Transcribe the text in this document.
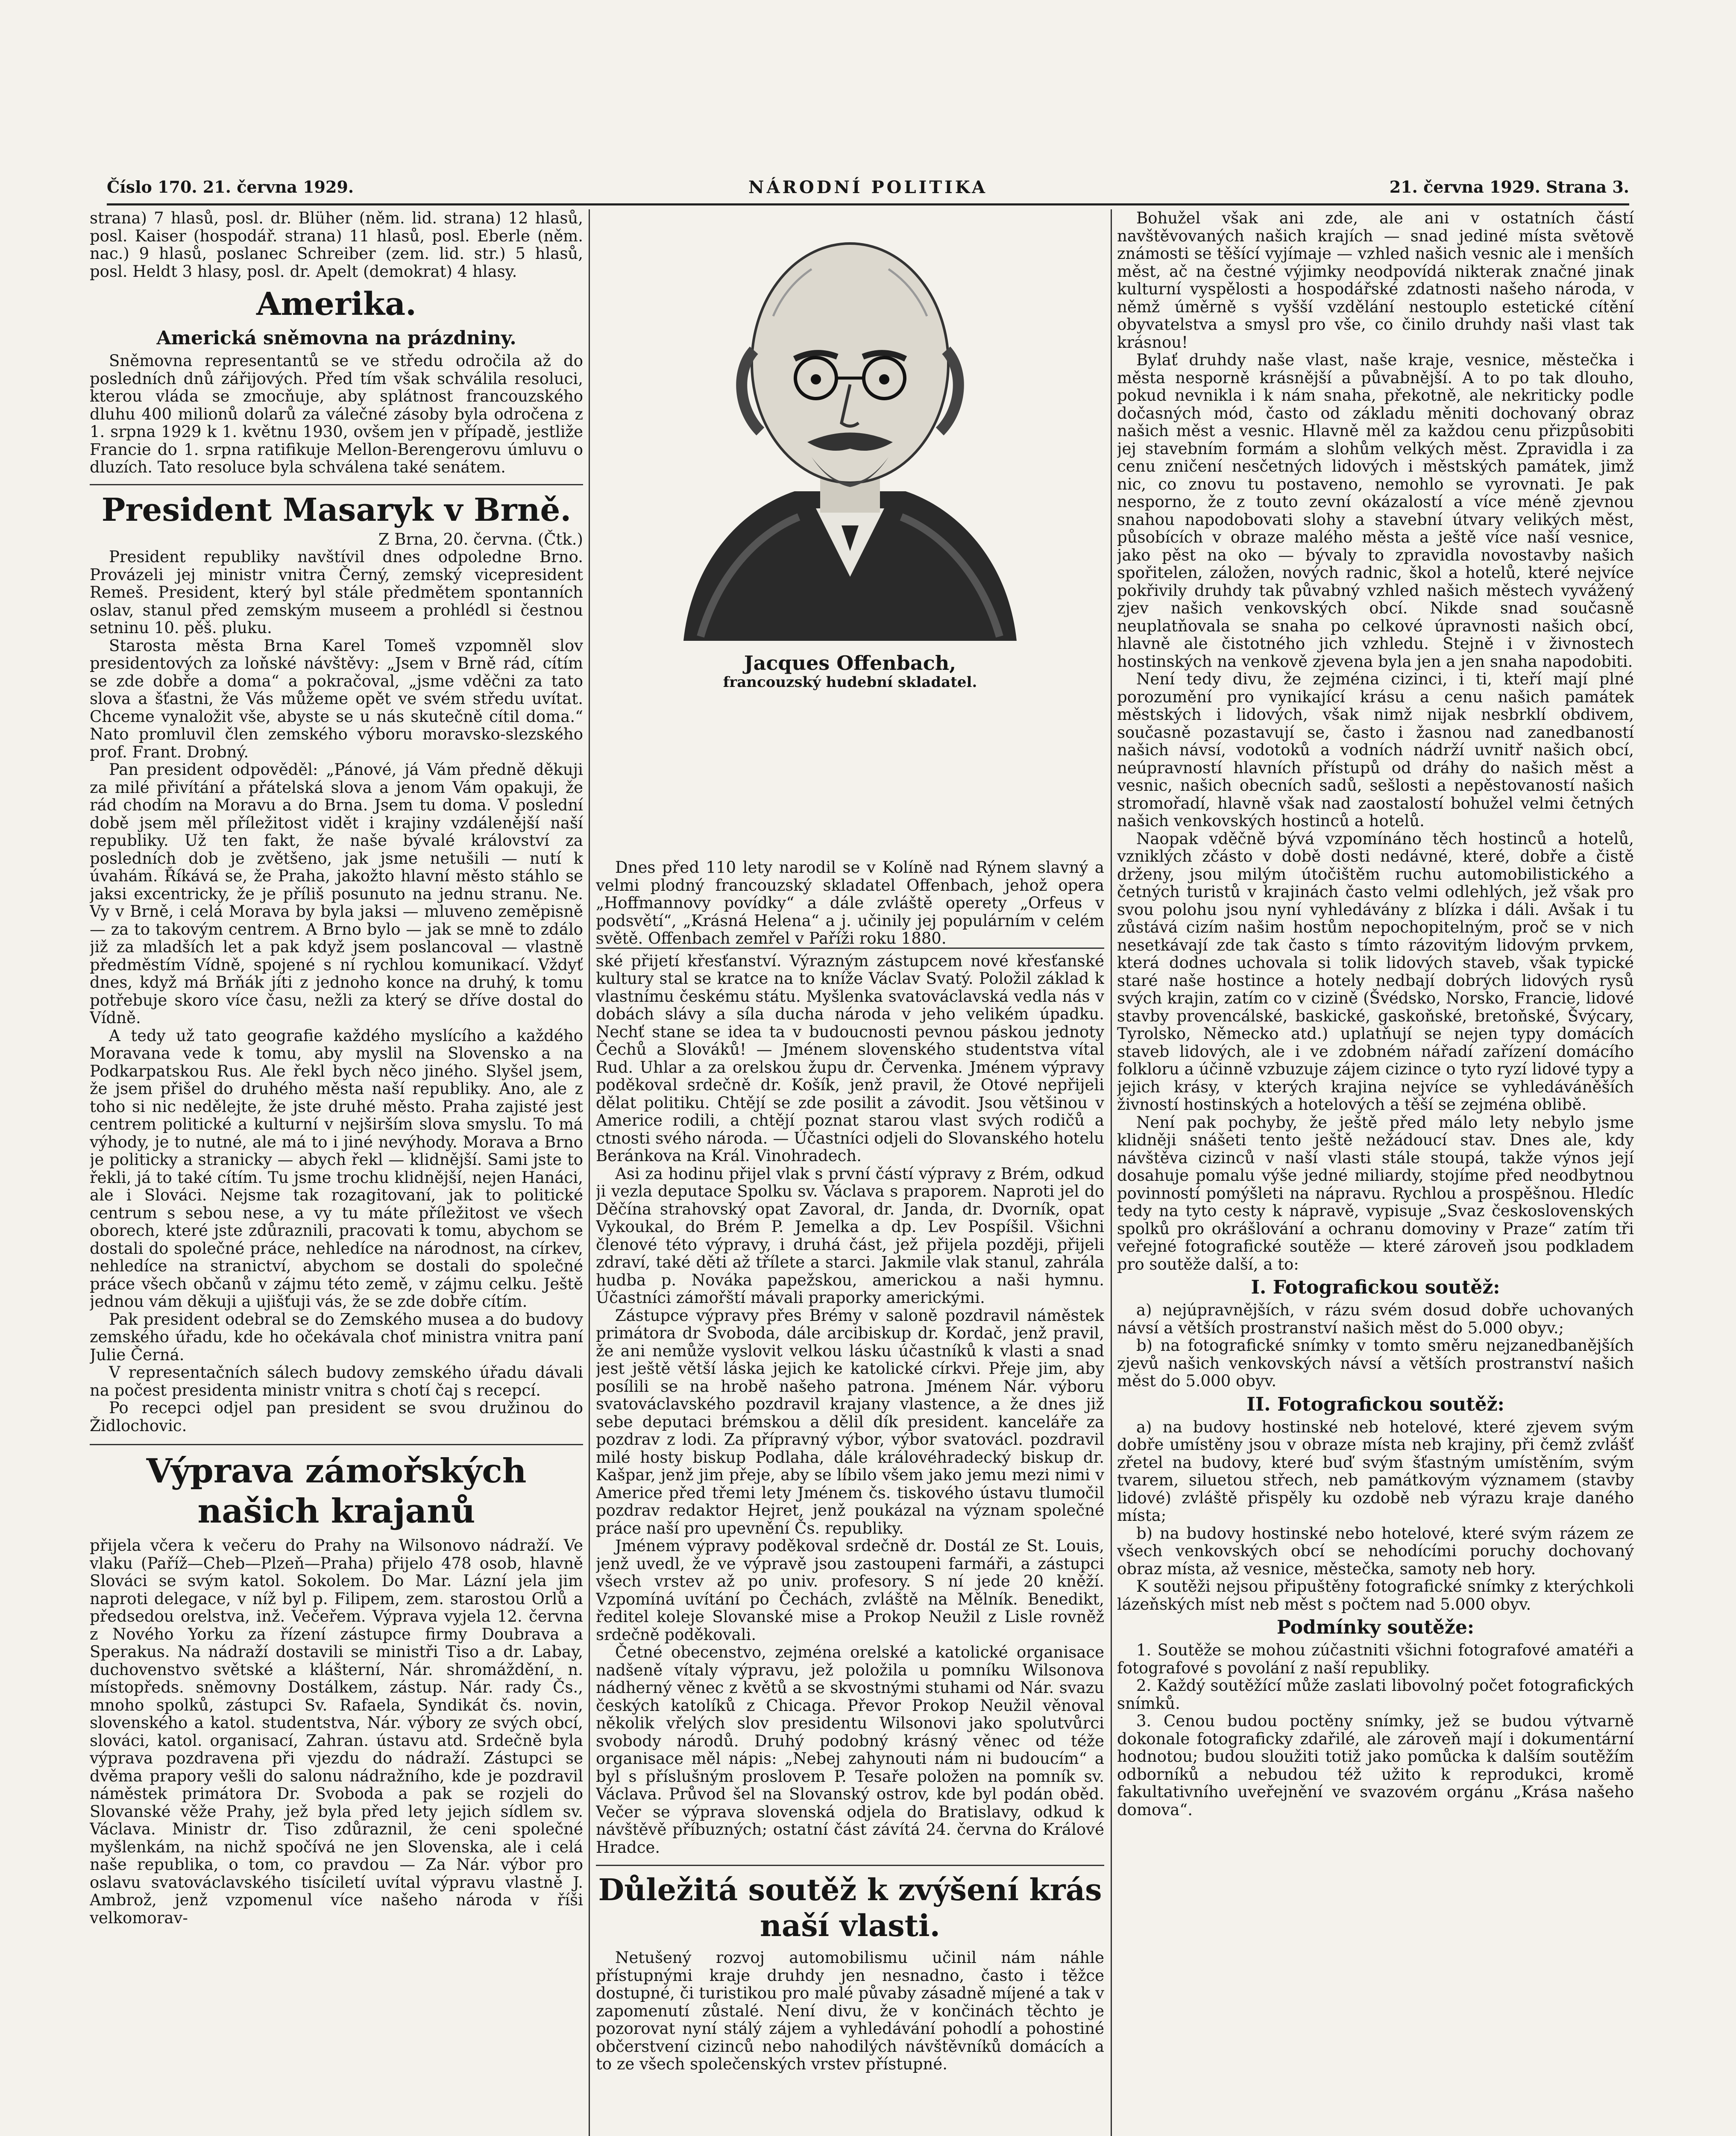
Číslo 170. 21. června 1929.	NÁRODNÍ POLITIKA	21. června 1929. Strana 3.

strana) 7 hlasů, posl. dr. Blüher (něm. lid. strana) 12 hlasů, posl. Kaiser (hospodář. strana) 11 hlasů, posl. Eberle (něm. nac.) 9 hlasů, poslanec Schreiber (zem. lid. str.) 5 hlasů, posl. Heldt 3 hlasy, posl. dr. Apelt (demokrat) 4 hlasy.

Amerika.
Americká sněmovna na prázdniny.

Sněmovna representantů se ve středu odročila až do posledních dnů zářijových. Před tím však schválila resoluci, kterou vláda se zmocňuje, aby splátnost francouzského dluhu 400 milionů dolarů za válečné zásoby byla odročena z 1. srpna 1929 k 1. květnu 1930, ovšem jen v případě, jestliže Francie do 1. srpna ratifikuje Mellon-Berengerovu úmluvu o dluzích. Tato resoluce byla schválena také senátem.

President Masaryk v Brně.

Z Brna, 20. června. (Čtk.)

President republiky navštívil dnes odpoledne Brno. Provázeli jej ministr vnitra Černý, zemský vicepresident Remeš. President, který byl stále předmětem spontanních oslav, stanul před zemským museem a prohlédl si čestnou setninu 10. pěš. pluku.

Starosta města Brna Karel Tomeš vzpomněl slov presidentových za loňské návštěvy: „Jsem v Brně rád, cítím se zde dobře a doma“ a pokračoval, „jsme vděčni za tato slova a šťastni, že Vás můžeme opět ve svém středu uvítat. Chceme vynaložit vše, abyste se u nás skutečně cítil doma.“ Nato promluvil člen zemského výboru moravsko-slezského prof. Frant. Drobný.

Pan president odpověděl: „Pánové, já Vám předně děkuji za milé přivítání a přátelská slova a jenom Vám opakuji, že rád chodím na Moravu a do Brna. Jsem tu doma. V poslední době jsem měl příležitost vidět i krajiny vzdálenější naší republiky. Už ten fakt, že naše bývalé království za posledních dob je zvětšeno, jak jsme netušili — nutí k úvahám. Říkává se, že Praha, jakožto hlavní město stáhlo se jaksi excentricky, že je příliš posunuto na jednu stranu. Ne. Vy v Brně, i celá Morava by byla jaksi — mluveno zeměpisně — za to takovým centrem. A Brno bylo — jak se mně to zdálo již za mladších let a pak když jsem poslancoval — vlastně předměstím Vídně, spojené s ní rychlou komunikací. Vždyť dnes, když má Brňák jíti z jednoho konce na druhý, k tomu potřebuje skoro více času, nežli za který se dříve dostal do Vídně.

A tedy už tato geografie každého myslícího a každého Moravana vede k tomu, aby myslil na Slovensko a na Podkarpatskou Rus. Ale řekl bych něco jiného. Slyšel jsem, že jsem přišel do druhého města naší republiky. Ano, ale z toho si nic nedělejte, že jste druhé město. Praha zajisté jest centrem politické a kulturní v nejširším slova smyslu. To má výhody, je to nutné, ale má to i jiné nevýhody. Morava a Brno je politicky a stranicky — abych řekl — klidnější. Sami jste to řekli, já to také cítím. Tu jsme trochu klidnější, nejen Hanáci, ale i Slováci. Nejsme tak rozagitovaní, jak to politické centrum s sebou nese, a vy tu máte příležitost ve všech oborech, které jste zdůraznili, pracovati k tomu, abychom se dostali do společné práce, nehledíce na národnost, na církev, nehledíce na stranictví, abychom se dostali do společné práce všech občanů v zájmu této země, v zájmu celku. Ještě jednou vám děkuji a ujišťuji vás, že se zde dobře cítím.

Pak president odebral se do Zemského musea a do budovy zemského úřadu, kde ho očekávala choť ministra vnitra paní Julie Černá.

V representačních sálech budovy zemského úřadu dávali na počest presidenta ministr vnitra s chotí čaj s recepcí.

Po recepci odjel pan president se svou družinou do Židlochovic.

Výprava zámořských našich krajanů

přijela včera k večeru do Prahy na Wilsonovo nádraží. Ve vlaku (Paříž—Cheb—Plzeň—Praha) přijelo 478 osob, hlavně Slováci se svým katol. Sokolem. Do Mar. Lázní jela jim naproti delegace, v níž byl p. Filipem, zem. starostou Orlů a předsedou orelstva, inž. Večeřem. Výprava vyjela 12. června z Nového Yorku za řízení zástupce firmy Doubrava a Sperakus. Na nádraží dostavili se ministři Tiso a dr. Labay, duchovenstvo světské a klášterní, Nár. shromáždění, n. místopředs. sněmovny Dostálkem, zástup. Nár. rady Čs., mnoho spolků, zástupci Sv. Rafaela, Syndikát čs. novin, slovenského a katol. studentstva, Nár. výbory ze svých obcí, slováci, katol. organisací, Zahran. ústavu atd. Srdečně byla výprava pozdravena při vjezdu do nádraží. Zástupci se dvěma prapory vešli do salonu nádražního, kde je pozdravil náměstek primátora Dr. Svoboda a pak se rozjeli do Slovanské věže Prahy, jež byla před lety jejich sídlem sv. Václava. Ministr dr. Tiso zdůraznil, že ceni společné myšlenkám, na nichž spočívá ne jen Slovenska, ale i celá naše republika, o tom, co pravdou — Za Nár. výbor pro oslavu svatováclavského tisíciletí uvítal výpravu vlastně J. Ambrož, jenž vzpomenul více našeho národa v říši velkomorav-

Jacques Offenbach,
francouzský hudební skladatel.

Dnes před 110 lety narodil se v Kolíně nad Rýnem slavný a velmi plodný francouzský skladatel Offenbach, jehož opera „Hoffmannovy povídky“ a dále zvláště operety „Orfeus v podsvětí“, „Krásná Helena“ a j. učinily jej populárním v celém světě. Offenbach zemřel v Paříži roku 1880.

ské přijetí křesťanství. Výrazným zástupcem nové křesťanské kultury stal se kratce na to kníže Václav Svatý. Položil základ k vlastnímu českému státu. Myšlenka svatováclavská vedla nás v dobách slávy a síla ducha národa v jeho velikém úpadku. Nechť stane se idea ta v budoucnosti pevnou páskou jednoty Čechů a Slováků! — Jménem slovenského studentstva vítal Rud. Uhlar a za orelskou župu dr. Červenka. Jménem výpravy poděkoval srdečně dr. Košík, jenž pravil, že Otové nepřijeli dělat politiku. Chtějí se zde posilit a závodit. Jsou většinou v Americe rodili, a chtějí poznat starou vlast svých rodičů a ctnosti svého národa. — Účastníci odjeli do Slovanského hotelu Beránkova na Král. Vinohradech.

Asi za hodinu přijel vlak s první částí výpravy z Brém, odkud ji vezla deputace Spolku sv. Václava s praporem. Naproti jel do Děčína strahovský opat Zavoral, dr. Janda, dr. Dvorník, opat Vykoukal, do Brém P. Jemelka a dp. Lev Pospíšil. Všichni členové této výpravy, i druhá část, jež přijela později, přijeli zdraví, také děti až třílete a starci. Jakmile vlak stanul, zahrála hudba p. Nováka papežskou, americkou a naši hymnu. Účastníci zámořští mávali praporky americkými.

Zástupce výpravy přes Brémy v saloně pozdravil náměstek primátora dr Svoboda, dále arcibiskup dr. Kordač, jenž pravil, že ani nemůže vyslovit velkou lásku účastníků k vlasti a snad jest ještě větší láska jejich ke katolické církvi. Přeje jim, aby posílili se na hrobě našeho patrona. Jménem Nár. výboru svatováclavského pozdravil krajany vlastence, a že dnes již sebe deputaci brémskou a dělil dík president. kanceláře za pozdrav z lodi. Za přípravný výbor, výbor svatovácl. pozdravil milé hosty biskup Podlaha, dále královéhradecký biskup dr. Kašpar, jenž jim přeje, aby se líbilo všem jako jemu mezi nimi v Americe před třemi lety Jménem čs. tiskového ústavu tlumočil pozdrav redaktor Hejret, jenž poukázal na význam společné práce naší pro upevnění Čs. republiky.

Jménem výpravy poděkoval srdečně dr. Dostál ze St. Louis, jenž uvedl, že ve výpravě jsou zastoupeni farmáři, a zástupci všech vrstev až po univ. profesory. S ní jede 20 kněží. Vzpomíná uvítání po Čechách, zvláště na Mělník. Benedikt, ředitel koleje Slovanské mise a Prokop Neužil z Lisle rovněž srdečně poděkovali.

Četné obecenstvo, zejména orelské a katolické organisace nadšeně vítaly výpravu, jež položila u pomníku Wilsonova nádherný věnec z květů a se skvostnými stuhami od Nár. svazu českých katolíků z Chicaga. Převor Prokop Neužil věnoval několik vřelých slov presidentu Wilsonovi jako spolutvůrci svobody národů. Druhý podobný krásný věnec od téže organisace měl nápis: „Nebej zahynouti nám ni budoucím“ a byl s příslušným proslovem P. Tesaře položen na pomník sv. Václava. Průvod šel na Slovanský ostrov, kde byl podán oběd. Večer se výprava slovenská odjela do Bratislavy, odkud k návštěvě příbuzných; ostatní část závítá 24. června do Králové Hradce.

Důležitá soutěž k zvýšení krás naší vlasti.

Netušený rozvoj automobilismu učinil nám náhle přístupnými kraje druhdy jen nesnadno, často i těžce dostupné, či turistikou pro malé půvaby zásadně míjené a tak v zapomenutí zůstalé. Není divu, že v končinách těchto je pozorovat nyní stálý zájem a vyhledávání pohodlí a pohostiné občerstvení cizinců nebo nahodilých návštěvníků domácích a to ze všech společenských vrstev přístupné.

Bohužel však ani zde, ale ani v ostatních částí navštěvovaných našich krajích — snad jediné místa světově známosti se těšící vyjímaje — vzhled našich vesnic ale i menších měst, ač na čestné výjimky neodpovídá nikterak značné jinak kulturní vyspělosti a hospodářské zdatnosti našeho národa, v němž úměrně s vyšší vzdělání nestouplo estetické cítění obyvatelstva a smysl pro vše, co činilo druhdy naši vlast tak krásnou!

Bylať druhdy naše vlast, naše kraje, vesnice, městečka i města nesporně krásnější a půvabnější. A to po tak dlouho, pokud nevnikla i k nám snaha, překotně, ale nekriticky podle dočasných mód, často od základu měniti dochovaný obraz našich měst a vesnic. Hlavně měl za každou cenu přizpůsobiti jej stavebním formám a slohům velkých měst. Zpravidla i za cenu zničení nesčetných lidových i městských památek, jimž nic, co znovu tu postaveno, nemohlo se vyrovnati. Je pak nesporno, že z touto zevní okázalostí a více méně zjevnou snahou napodobovati slohy a stavební útvary velikých měst, působících v obraze malého města a ještě více naší vesnice, jako pěst na oko — bývaly to zpravidla novostavby našich spořitelen, záložen, nových radnic, škol a hotelů, které nejvíce pokřivily druhdy tak půvabný vzhled našich městech vyvážený zjev našich venkovských obcí. Nikde snad současně neuplatňovala se snaha po celkové úpravnosti našich obcí, hlavně ale čistotného jich vzhledu. Stejně i v živnostech hostinských na venkově zjevena byla jen a jen snaha napodobiti.

Není tedy divu, že zejména cizinci, i ti, kteří mají plné porozumění pro vynikající krásu a cenu našich památek městských i lidových, však nimž nijak nesbrklí obdivem, současně pozastavují se, často i žasnou nad zanedbaností našich návsí, vodotoků a vodních nádrží uvnitř našich obcí, neúpravností hlavních přístupů od dráhy do našich měst a vesnic, našich obecních sadů, sešlosti a nepěstovaností našich stromořadí, hlavně však nad zaostalostí bohužel velmi četných našich venkovských hostinců a hotelů.

Naopak vděčně bývá vzpomínáno těch hostinců a hotelů, vzniklých zčásto v době dosti nedávné, které, dobře a čistě drženy, jsou milým útočištěm ruchu automobilistického a četných turistů v krajinách často velmi odlehlých, jež však pro svou polohu jsou nyní vyhledávány z blízka i dáli. Avšak i tu zůstává cizím našim hostům nepochopitelným, proč se v nich nesetkávají zde tak často s tímto rázovitým lidovým prvkem, která dodnes uchovala si tolik lidových staveb, však typické staré naše hostince a hotely nedbají dobrých lidových rysů svých krajin, zatím co v cizině (Švédsko, Norsko, Francie, lidové stavby provencálské, baskické, gaskoňské, bretoňské, Švýcary, Tyrolsko, Německo atd.) uplatňují se nejen typy domácích staveb lidových, ale i ve zdobném nářadí zařízení domácího folkloru a účinně vzbuzuje zájem cizince o tyto ryzí lidové typy a jejich krásy, v kterých krajina nejvíce se vyhledáváněších živností hostinských a hotelových a těší se zejména oblibě.

Není pak pochyby, že ještě před málo lety nebylo jsme klidněji snášeti tento ještě nežádoucí stav. Dnes ale, kdy návštěva cizinců v naší vlasti stále stoupá, takže výnos její dosahuje pomalu výše jedné miliardy, stojíme před neodbytnou povinností pomýšleti na nápravu. Rychlou a prospěšnou. Hledíc tedy na tyto cesty k nápravě, vypisuje „Svaz československých spolků pro okrášlování a ochranu domoviny v Praze“ zatím tři veřejné fotografické soutěže — které zároveň jsou podkladem pro soutěže další, a to:

I. Fotografickou soutěž:

a) nejúpravnějších, v rázu svém dosud dobře uchovaných návsí a větších prostranství našich měst do 5.000 obyv.;

b) na fotografické snímky v tomto směru nejzanedbanějších zjevů našich venkovských návsí a větších prostranství našich měst do 5.000 obyv.

II. Fotografickou soutěž:

a) na budovy hostinské neb hotelové, které zjevem svým dobře umístěny jsou v obraze místa neb krajiny, při čemž zvlášť zřetel na budovy, které buď svým šťastným umístěním, svým tvarem, siluetou střech, neb památkovým významem (stavby lidové) zvláště přispěly ku ozdobě neb výrazu kraje daného místa;

b) na budovy hostinské nebo hotelové, které svým rázem ze všech venkovských obcí se nehodícími poruchy dochovaný obraz místa, až vesnice, městečka, samoty neb hory.

K soutěži nejsou připuštěny fotografické snímky z kterýchkoli lázeňských míst neb měst s počtem nad 5.000 obyv.

Podmínky soutěže:

1. Soutěže se mohou zúčastniti všichni fotografové amatéři a fotografové s povolání z naší republiky.

2. Každý soutěžící může zaslati libovolný počet fotografických snímků.

3. Cenou budou poctěny snímky, jež se budou výtvarně dokonale fotograficky zdařilé, ale zároveň mají i dokumentární hodnotou; budou sloužiti totiž jako pomůcka k dalším soutěžím odborníků a nebudou též užito k reprodukci, kromě fakultativního uveřejnění ve svazovém orgánu „Krása našeho domova“.
